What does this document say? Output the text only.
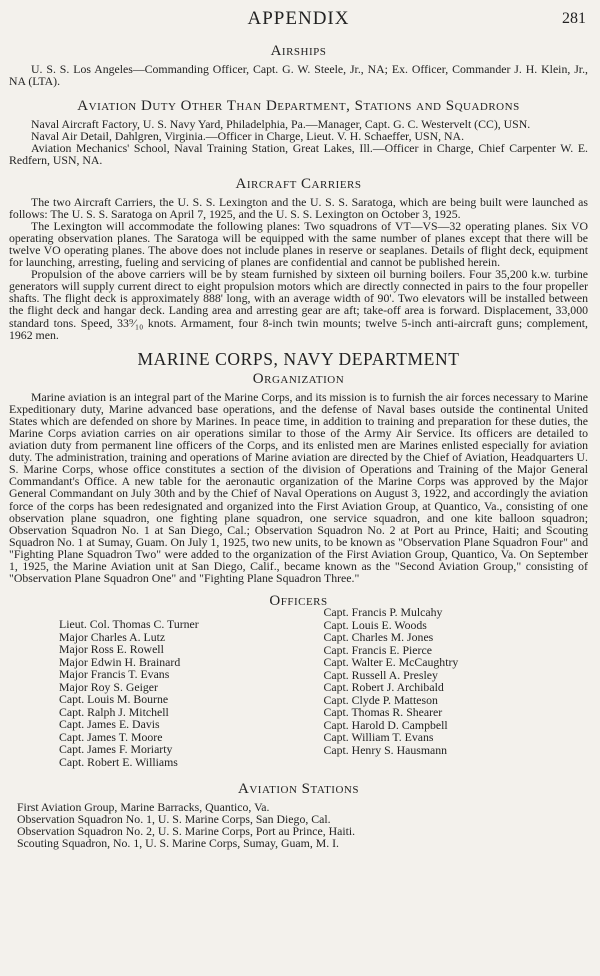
APPENDIX	281
Airships

U. S. S. Los Angeles—Commanding Officer, Capt. G. W. Steele, Jr., NA; Ex. Officer, Commander J. H. Klein, Jr., NA (LTA).

Aviation Duty Other Than Department, Stations and Squadrons

Naval Aircraft Factory, U. S. Navy Yard, Philadelphia, Pa.—Manager, Capt. G. C. Westervelt (CC), USN.

Naval Air Detail, Dahlgren, Virginia.—Officer in Charge, Lieut. V. H. Schaeffer, USN, NA.

Aviation Mechanics' School, Naval Training Station, Great Lakes, Ill.—Officer in Charge, Chief Carpenter W. E. Redfern, USN, NA.

Aircraft Carriers

The two Aircraft Carriers, the U. S. S. Lexington and the U. S. S. Saratoga, which are being built were launched as follows: The U. S. S. Saratoga on April 7, 1925, and the U. S. S. Lexington on October 3, 1925.

The Lexington will accommodate the following planes: Two squadrons of VT—VS—32 operating planes. Six VO operating observation planes. The Saratoga will be equipped with the same number of planes except that there will be twelve VO operating planes. The above does not include planes in reserve or seaplanes. Details of flight deck, equipment for launching, arresting, fueling and servicing of planes are confidential and cannot be published herein.

Propulsion of the above carriers will be by steam furnished by sixteen oil burning boilers. Four 35,200 k.w. turbine generators will supply current direct to eight propulsion motors which are directly connected in pairs to the four propeller shafts. The flight deck is approximately 888' long, with an average width of 90'. Two elevators will be installed between the flight deck and hangar deck. Landing area and arresting gear are aft; take-off area is forward. Displacement, 33,000 standard tons. Speed, 33⁹⁄₁₀ knots. Armament, four 8-inch twin mounts; twelve 5-inch anti-aircraft guns; complement, 1962 men.

MARINE CORPS, NAVY DEPARTMENT
Organization

Marine aviation is an integral part of the Marine Corps, and its mission is to furnish the air forces necessary to Marine Expeditionary duty, Marine advanced base operations, and the defense of Naval bases outside the continental United States which are defended on shore by Marines. In peace time, in addition to training and preparation for these duties, the Marine Corps aviation carries on air operations similar to those of the Army Air Service. Its officers are detailed to aviation duty from permanent line officers of the Corps, and its enlisted men are Marines enlisted especially for aviation duty. The administration, training and operations of Marine aviation are directed by the Chief of Aviation, Headquarters U. S. Marine Corps, whose office constitutes a section of the division of Operations and Training of the Major General Commandant's Office. A new table for the aeronautic organization of the Marine Corps was approved by the Major General Commandant on July 30th and by the Chief of Naval Operations on August 3, 1922, and accordingly the aviation force of the corps has been redesignated and organized into the First Aviation Group, at Quantico, Va., consisting of one observation plane squadron, one fighting plane squadron, one service squadron, and one kite balloon squadron; Observation Squadron No. 1 at San Diego, Cal.; Observation Squadron No. 2 at Port au Prince, Haiti; and Scouting Squadron No. 1 at Sumay, Guam. On July 1, 1925, two new units, to be known as "Observation Plane Squadron Four" and "Fighting Plane Squadron Two" were added to the organization of the First Aviation Group, Quantico, Va. On September 1, 1925, the Marine Aviation unit at San Diego, Calif., became known as the "Second Aviation Group," consisting of "Observation Plane Squadron One" and "Fighting Plane Squadron Three."

Officers
Lieut. Col. Thomas C. Turner
Major Charles A. Lutz
Major Ross E. Rowell
Major Edwin H. Brainard
Major Francis T. Evans
Major Roy S. Geiger
Capt. Louis M. Bourne
Capt. Ralph J. Mitchell
Capt. James E. Davis
Capt. James T. Moore
Capt. James F. Moriarty
Capt. Robert E. Williams
Capt. Francis P. Mulcahy
Capt. Louis E. Woods
Capt. Charles M. Jones
Capt. Francis E. Pierce
Capt. Walter E. McCaughtry
Capt. Russell A. Presley
Capt. Robert J. Archibald
Capt. Clyde P. Matteson
Capt. Thomas R. Shearer
Capt. Harold D. Campbell
Capt. William T. Evans
Capt. Henry S. Hausmann
Aviation Stations
First Aviation Group, Marine Barracks, Quantico, Va.
Observation Squadron No. 1, U. S. Marine Corps, San Diego, Cal.
Observation Squadron No. 2, U. S. Marine Corps, Port au Prince, Haiti.
Scouting Squadron, No. 1, U. S. Marine Corps, Sumay, Guam, M. I.
